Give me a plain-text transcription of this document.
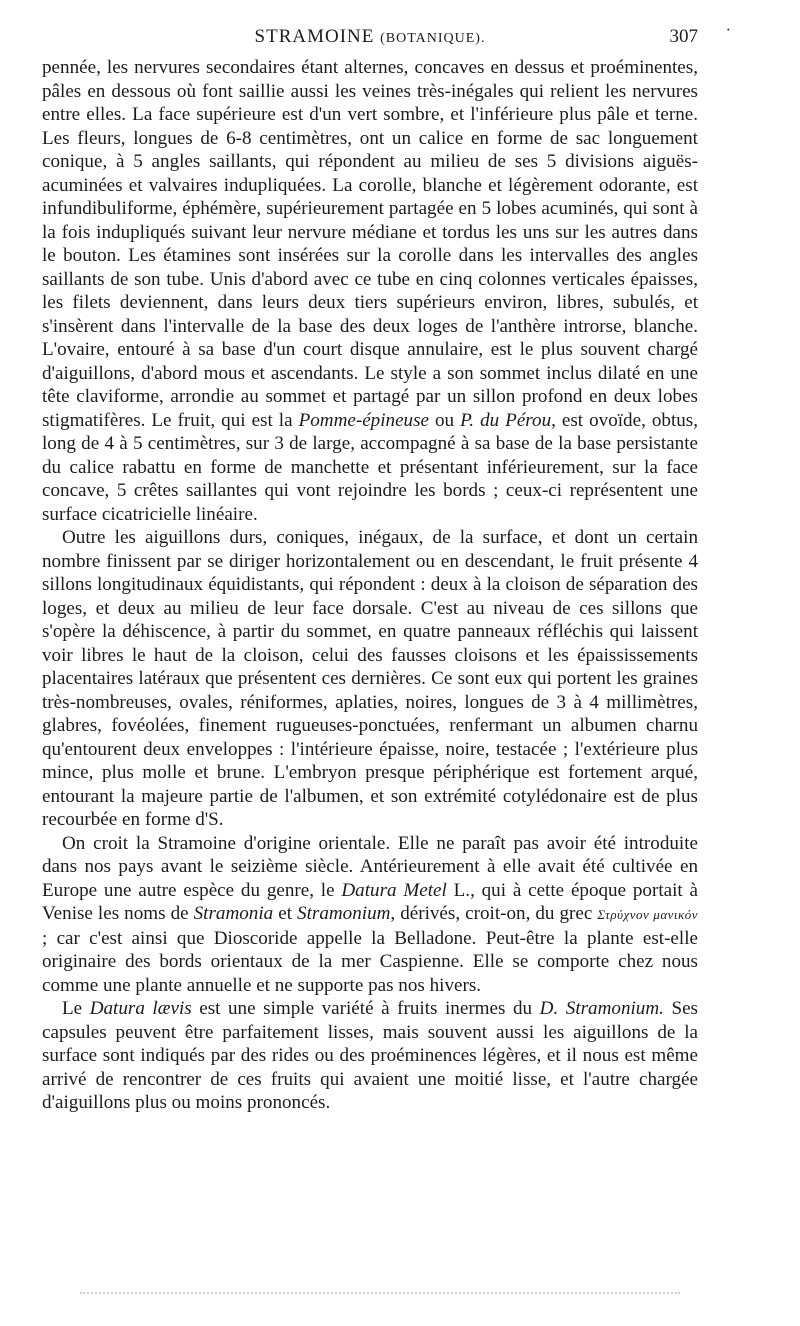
STRAMOINE (BOTANIQUE).	307 ·

pennée, les nervures secondaires étant alternes, concaves en dessus et proéminentes, pâles en dessous où font saillie aussi les veines très-inégales qui relient les nervures entre elles. La face supérieure est d'un vert sombre, et l'inférieure plus pâle et terne. Les fleurs, longues de 6-8 centimètres, ont un calice en forme de sac longuement conique, à 5 angles saillants, qui répondent au milieu de ses 5 divisions aiguës-acuminées et valvaires indupliquées. La corolle, blanche et légèrement odorante, est infundibuliforme, éphémère, supérieurement partagée en 5 lobes acuminés, qui sont à la fois indupliqués suivant leur nervure médiane et tordus les uns sur les autres dans le bouton. Les étamines sont insérées sur la corolle dans les intervalles des angles saillants de son tube. Unis d'abord avec ce tube en cinq colonnes verticales épaisses, les filets deviennent, dans leurs deux tiers supérieurs environ, libres, subulés, et s'insèrent dans l'intervalle de la base des deux loges de l'anthère introrse, blanche. L'ovaire, entouré à sa base d'un court disque annulaire, est le plus souvent chargé d'aiguillons, d'abord mous et ascendants. Le style a son sommet inclus dilaté en une tête claviforme, arrondie au sommet et partagé par un sillon profond en deux lobes stigmatifères. Le fruit, qui est la Pomme-épineuse ou P. du Pérou, est ovoïde, obtus, long de 4 à 5 centimètres, sur 3 de large, accompagné à sa base de la base persistante du calice rabattu en forme de manchette et présentant inférieurement, sur la face concave, 5 crêtes saillantes qui vont rejoindre les bords ; ceux-ci représentent une surface cicatricielle linéaire.

Outre les aiguillons durs, coniques, inégaux, de la surface, et dont un certain nombre finissent par se diriger horizontalement ou en descendant, le fruit présente 4 sillons longitudinaux équidistants, qui répondent : deux à la cloison de séparation des loges, et deux au milieu de leur face dorsale. C'est au niveau de ces sillons que s'opère la déhiscence, à partir du sommet, en quatre panneaux réfléchis qui laissent voir libres le haut de la cloison, celui des fausses cloisons et les épaississements placentaires latéraux que présentent ces dernières. Ce sont eux qui portent les graines très-nombreuses, ovales, réniformes, aplaties, noires, longues de 3 à 4 millimètres, glabres, fovéolées, finement rugueuses-ponctuées, renfermant un albumen charnu qu'entourent deux enveloppes : l'intérieure épaisse, noire, testacée ; l'extérieure plus mince, plus molle et brune. L'embryon presque périphérique est fortement arqué, entourant la majeure partie de l'albumen, et son extrémité cotylédonaire est de plus recourbée en forme d'S.

On croit la Stramoine d'origine orientale. Elle ne paraît pas avoir été introduite dans nos pays avant le seizième siècle. Antérieurement à elle avait été cultivée en Europe une autre espèce du genre, le Datura Metel L., qui à cette époque portait à Venise les noms de Stramonia et Stramonium, dérivés, croit-on, du grec Στρύχνον μανικόν ; car c'est ainsi que Dioscoride appelle la Belladone. Peut-être la plante est-elle originaire des bords orientaux de la mer Caspienne. Elle se comporte chez nous comme une plante annuelle et ne supporte pas nos hivers.

Le Datura lævis est une simple variété à fruits inermes du D. Stramonium. Ses capsules peuvent être parfaitement lisses, mais souvent aussi les aiguillons de la surface sont indiqués par des rides ou des proéminences légères, et il nous est même arrivé de rencontrer de ces fruits qui avaient une moitié lisse, et l'autre chargée d'aiguillons plus ou moins prononcés.
